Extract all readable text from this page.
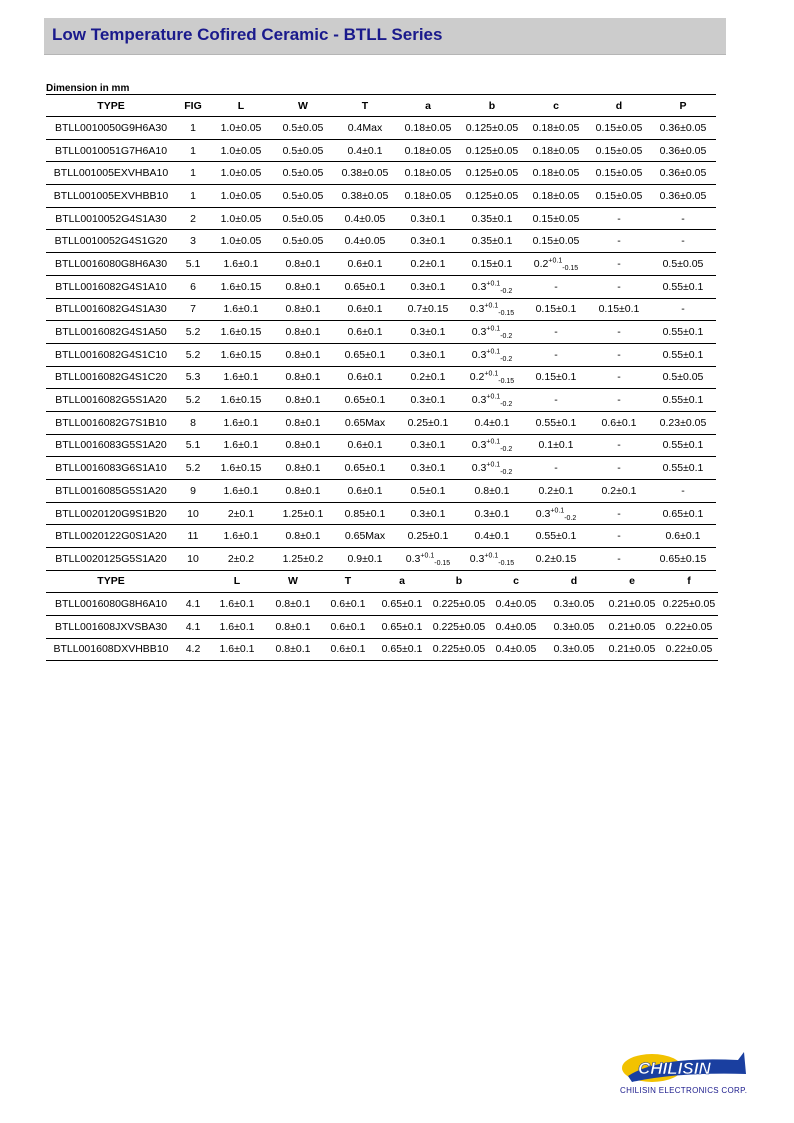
Low Temperature Cofired Ceramic - BTLL Series
Dimension in mm
TYPE	FIG	L	W	T	a	b	c	d	P
BTLL0010050G9H6A30	1	1.0±0.05	0.5±0.05	0.4Max	0.18±0.05	0.125±0.05	0.18±0.05	0.15±0.05	0.36±0.05
BTLL0010051G7H6A10	1	1.0±0.05	0.5±0.05	0.4±0.1	0.18±0.05	0.125±0.05	0.18±0.05	0.15±0.05	0.36±0.05
BTLL001005EXVHBA10	1	1.0±0.05	0.5±0.05	0.38±0.05	0.18±0.05	0.125±0.05	0.18±0.05	0.15±0.05	0.36±0.05
BTLL001005EXVHBB10	1	1.0±0.05	0.5±0.05	0.38±0.05	0.18±0.05	0.125±0.05	0.18±0.05	0.15±0.05	0.36±0.05
BTLL0010052G4S1A30	2	1.0±0.05	0.5±0.05	0.4±0.05	0.3±0.1	0.35±0.1	0.15±0.05	-	-
BTLL0010052G4S1G20	3	1.0±0.05	0.5±0.05	0.4±0.05	0.3±0.1	0.35±0.1	0.15±0.05	-	-
BTLL0016080G8H6A30	5.1	1.6±0.1	0.8±0.1	0.6±0.1	0.2±0.1	0.15±0.1	$0.2^{+0.1}_{-0.15}$	-	0.5±0.05
BTLL0016082G4S1A10	6	1.6±0.15	0.8±0.1	0.65±0.1	0.3±0.1	$0.3^{+0.1}_{-0.2}$	-	-	0.55±0.1
BTLL0016082G4S1A30	7	1.6±0.1	0.8±0.1	0.6±0.1	0.7±0.15	$0.3^{+0.1}_{-0.15}$	0.15±0.1	0.15±0.1	-
BTLL0016082G4S1A50	5.2	1.6±0.15	0.8±0.1	0.6±0.1	0.3±0.1	$0.3^{+0.1}_{-0.2}$	-	-	0.55±0.1
BTLL0016082G4S1C10	5.2	1.6±0.15	0.8±0.1	0.65±0.1	0.3±0.1	$0.3^{+0.1}_{-0.2}$	-	-	0.55±0.1
BTLL0016082G4S1C20	5.3	1.6±0.1	0.8±0.1	0.6±0.1	0.2±0.1	$0.2^{+0.1}_{-0.15}$	0.15±0.1	-	0.5±0.05
BTLL0016082G5S1A20	5.2	1.6±0.15	0.8±0.1	0.65±0.1	0.3±0.1	$0.3^{+0.1}_{-0.2}$	-	-	0.55±0.1
BTLL0016082G7S1B10	8	1.6±0.1	0.8±0.1	0.65Max	0.25±0.1	0.4±0.1	0.55±0.1	0.6±0.1	0.23±0.05
BTLL0016083G5S1A20	5.1	1.6±0.1	0.8±0.1	0.6±0.1	0.3±0.1	$0.3^{+0.1}_{-0.2}$	0.1±0.1	-	0.55±0.1
BTLL0016083G6S1A10	5.2	1.6±0.15	0.8±0.1	0.65±0.1	0.3±0.1	$0.3^{+0.1}_{-0.2}$	-	-	0.55±0.1
BTLL0016085G5S1A20	9	1.6±0.1	0.8±0.1	0.6±0.1	0.5±0.1	0.8±0.1	0.2±0.1	0.2±0.1	-
BTLL0020120G9S1B20	10	2±0.1	1.25±0.1	0.85±0.1	0.3±0.1	0.3±0.1	$0.3^{+0.1}_{-0.2}$	-	0.65±0.1
BTLL0020122G0S1A20	11	1.6±0.1	0.8±0.1	0.65Max	0.25±0.1	0.4±0.1	0.55±0.1	-	0.6±0.1
BTLL0020125G5S1A20	10	2±0.2	1.25±0.2	0.9±0.1	$0.3^{+0.1}_{-0.15}$	$0.3^{+0.1}_{-0.15}$	0.2±0.15	-	0.65±0.15
TYPE		L	W	T	a	b	c	d	e	f
BTLL0016080G8H6A10	4.1	1.6±0.1	0.8±0.1	0.6±0.1	0.65±0.1	0.225±0.05	0.4±0.05	0.3±0.05	0.21±0.05	0.225±0.05
BTLL001608JXVSBA30	4.1	1.6±0.1	0.8±0.1	0.6±0.1	0.65±0.1	0.225±0.05	0.4±0.05	0.3±0.05	0.21±0.05	0.22±0.05
BTLL001608DXVHBB10	4.2	1.6±0.1	0.8±0.1	0.6±0.1	0.65±0.1	0.225±0.05	0.4±0.05	0.3±0.05	0.21±0.05	0.22±0.05
CHILISIN
CHILISIN ELECTRONICS CORP.
